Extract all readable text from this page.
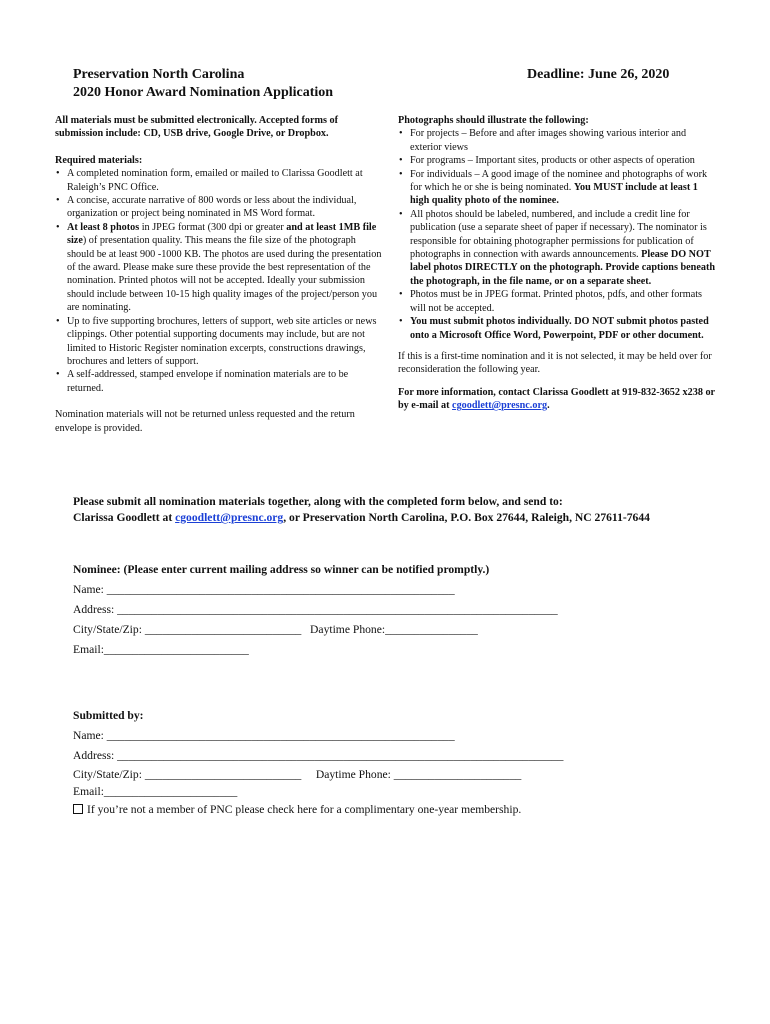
Preservation North Carolina
2020 Honor Award Nomination Application
Deadline: June 26, 2020

All materials must be submitted electronically. Accepted forms of submission include: CD, USB drive, Google Drive, or Dropbox.

Required materials:

• A completed nomination form, emailed or mailed to Clarissa Goodlett at Raleigh’s PNC Office.
• A concise, accurate narrative of 800 words or less about the individual, organization or project being nominated in MS Word format.
• At least 8 photos in JPEG format (300 dpi or greater and at least 1MB file size) of presentation quality. This means the file size of the photograph should be at least 900 -1000 KB. The photos are used during the presentation of the award. Please make sure these provide the best representation of the nomination. Printed photos will not be accepted. Ideally your submission should include between 10-15 high quality images of the project/person you are nominating.
• Up to five supporting brochures, letters of support, web site articles or news clippings. Other potential supporting documents may include, but are not limited to Historic Register nomination excerpts, constructions drawings, brochures and letters of support.
• A self-addressed, stamped envelope if nomination materials are to be returned.

Nomination materials will not be returned unless requested and the return envelope is provided.

Photographs should illustrate the following:

• For projects – Before and after images showing various interior and exterior views
• For programs – Important sites, products or other aspects of operation
• For individuals – A good image of the nominee and photographs of work for which he or she is being nominated. You MUST include at least 1 high quality photo of the nominee.
• All photos should be labeled, numbered, and include a credit line for publication (use a separate sheet of paper if necessary). The nominator is responsible for obtaining photographer permissions for publication of photographs in connection with awards announcements. Please DO NOT label photos DIRECTLY on the photograph. Provide captions beneath the photograph, in the file name, or on a separate sheet.
• Photos must be in JPEG format. Printed photos, pdfs, and other formats will not be accepted.
• You must submit photos individually. DO NOT submit photos pasted onto a Microsoft Office Word, Powerpoint, PDF or other document.

If this is a first-time nomination and it is not selected, it may be held over for reconsideration the following year.

For more information, contact Clarissa Goodlett at 919-832-3652 x238 or by e-mail at cgoodlett@presnc.org.

Please submit all nomination materials together, along with the completed form below, and send to:
Clarissa Goodlett at cgoodlett@presnc.org, or Preservation North Carolina, P.O. Box 27644, Raleigh, NC 27611-7644
Nominee: (Please enter current mailing address so winner can be notified promptly.)
Name: ____________________________________________________________
Address: ____________________________________________________________________________
City/State/Zip: ___________________________ Daytime Phone:________________
Email:_________________________
Submitted by:
Name: ____________________________________________________________
Address: _____________________________________________________________________________
City/State/Zip: ___________________________ Daytime Phone: ______________________
Email:_______________________
If you’re not a member of PNC please check here for a complimentary one-year membership.
